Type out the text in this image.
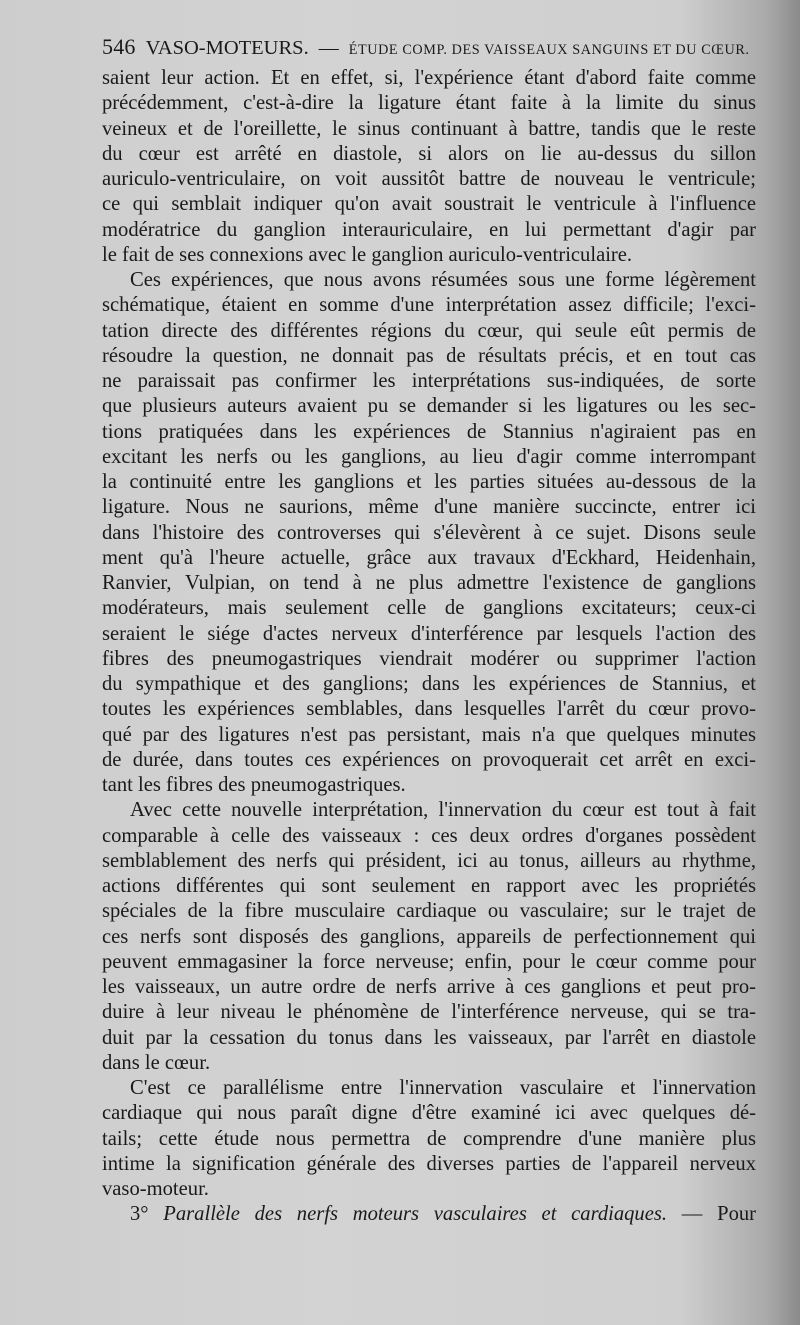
546 VASO-MOTEURS. — ÉTUDE COMP. DES VAISSEAUX SANGUINS ET DU CŒUR.

saient leur action. Et en effet, si, l'expérience étant d'abord faite comme
précédemment, c'est-à-dire la ligature étant faite à la limite du sinus
veineux et de l'oreillette, le sinus continuant à battre, tandis que le reste
du cœur est arrêté en diastole, si alors on lie au-dessus du sillon
auriculo-ventriculaire, on voit aussitôt battre de nouveau le ventricule;
ce qui semblait indiquer qu'on avait soustrait le ventricule à l'influence
modératrice du ganglion interauriculaire, en lui permettant d'agir par
le fait de ses connexions avec le ganglion auriculo-ventriculaire.

Ces expériences, que nous avons résumées sous une forme légèrement
schématique, étaient en somme d'une interprétation assez difficile; l'exci-
tation directe des différentes régions du cœur, qui seule eût permis de
résoudre la question, ne donnait pas de résultats précis, et en tout cas
ne paraissait pas confirmer les interprétations sus-indiquées, de sorte
que plusieurs auteurs avaient pu se demander si les ligatures ou les sec-
tions pratiquées dans les expériences de Stannius n'agiraient pas en
excitant les nerfs ou les ganglions, au lieu d'agir comme interrompant
la continuité entre les ganglions et les parties situées au-dessous de la
ligature. Nous ne saurions, même d'une manière succincte, entrer ici
dans l'histoire des controverses qui s'élevèrent à ce sujet. Disons seule
ment qu'à l'heure actuelle, grâce aux travaux d'Eckhard, Heidenhain,
Ranvier, Vulpian, on tend à ne plus admettre l'existence de ganglions
modérateurs, mais seulement celle de ganglions excitateurs; ceux-ci
seraient le siége d'actes nerveux d'interférence par lesquels l'action des
fibres des pneumogastriques viendrait modérer ou supprimer l'action
du sympathique et des ganglions; dans les expériences de Stannius, et
toutes les expériences semblables, dans lesquelles l'arrêt du cœur provo-
qué par des ligatures n'est pas persistant, mais n'a que quelques minutes
de durée, dans toutes ces expériences on provoquerait cet arrêt en exci-
tant les fibres des pneumogastriques.

Avec cette nouvelle interprétation, l'innervation du cœur est tout à fait
comparable à celle des vaisseaux : ces deux ordres d'organes possèdent
semblablement des nerfs qui président, ici au tonus, ailleurs au rhythme,
actions différentes qui sont seulement en rapport avec les propriétés
spéciales de la fibre musculaire cardiaque ou vasculaire; sur le trajet de
ces nerfs sont disposés des ganglions, appareils de perfectionnement qui
peuvent emmagasiner la force nerveuse; enfin, pour le cœur comme pour
les vaisseaux, un autre ordre de nerfs arrive à ces ganglions et peut pro-
duire à leur niveau le phénomène de l'interférence nerveuse, qui se tra-
duit par la cessation du tonus dans les vaisseaux, par l'arrêt en diastole
dans le cœur.

C'est ce parallélisme entre l'innervation vasculaire et l'innervation
cardiaque qui nous paraît digne d'être examiné ici avec quelques dé-
tails; cette étude nous permettra de comprendre d'une manière plus
intime la signification générale des diverses parties de l'appareil nerveux
vaso-moteur.

3° Parallèle des nerfs moteurs vasculaires et cardiaques. — Pour
